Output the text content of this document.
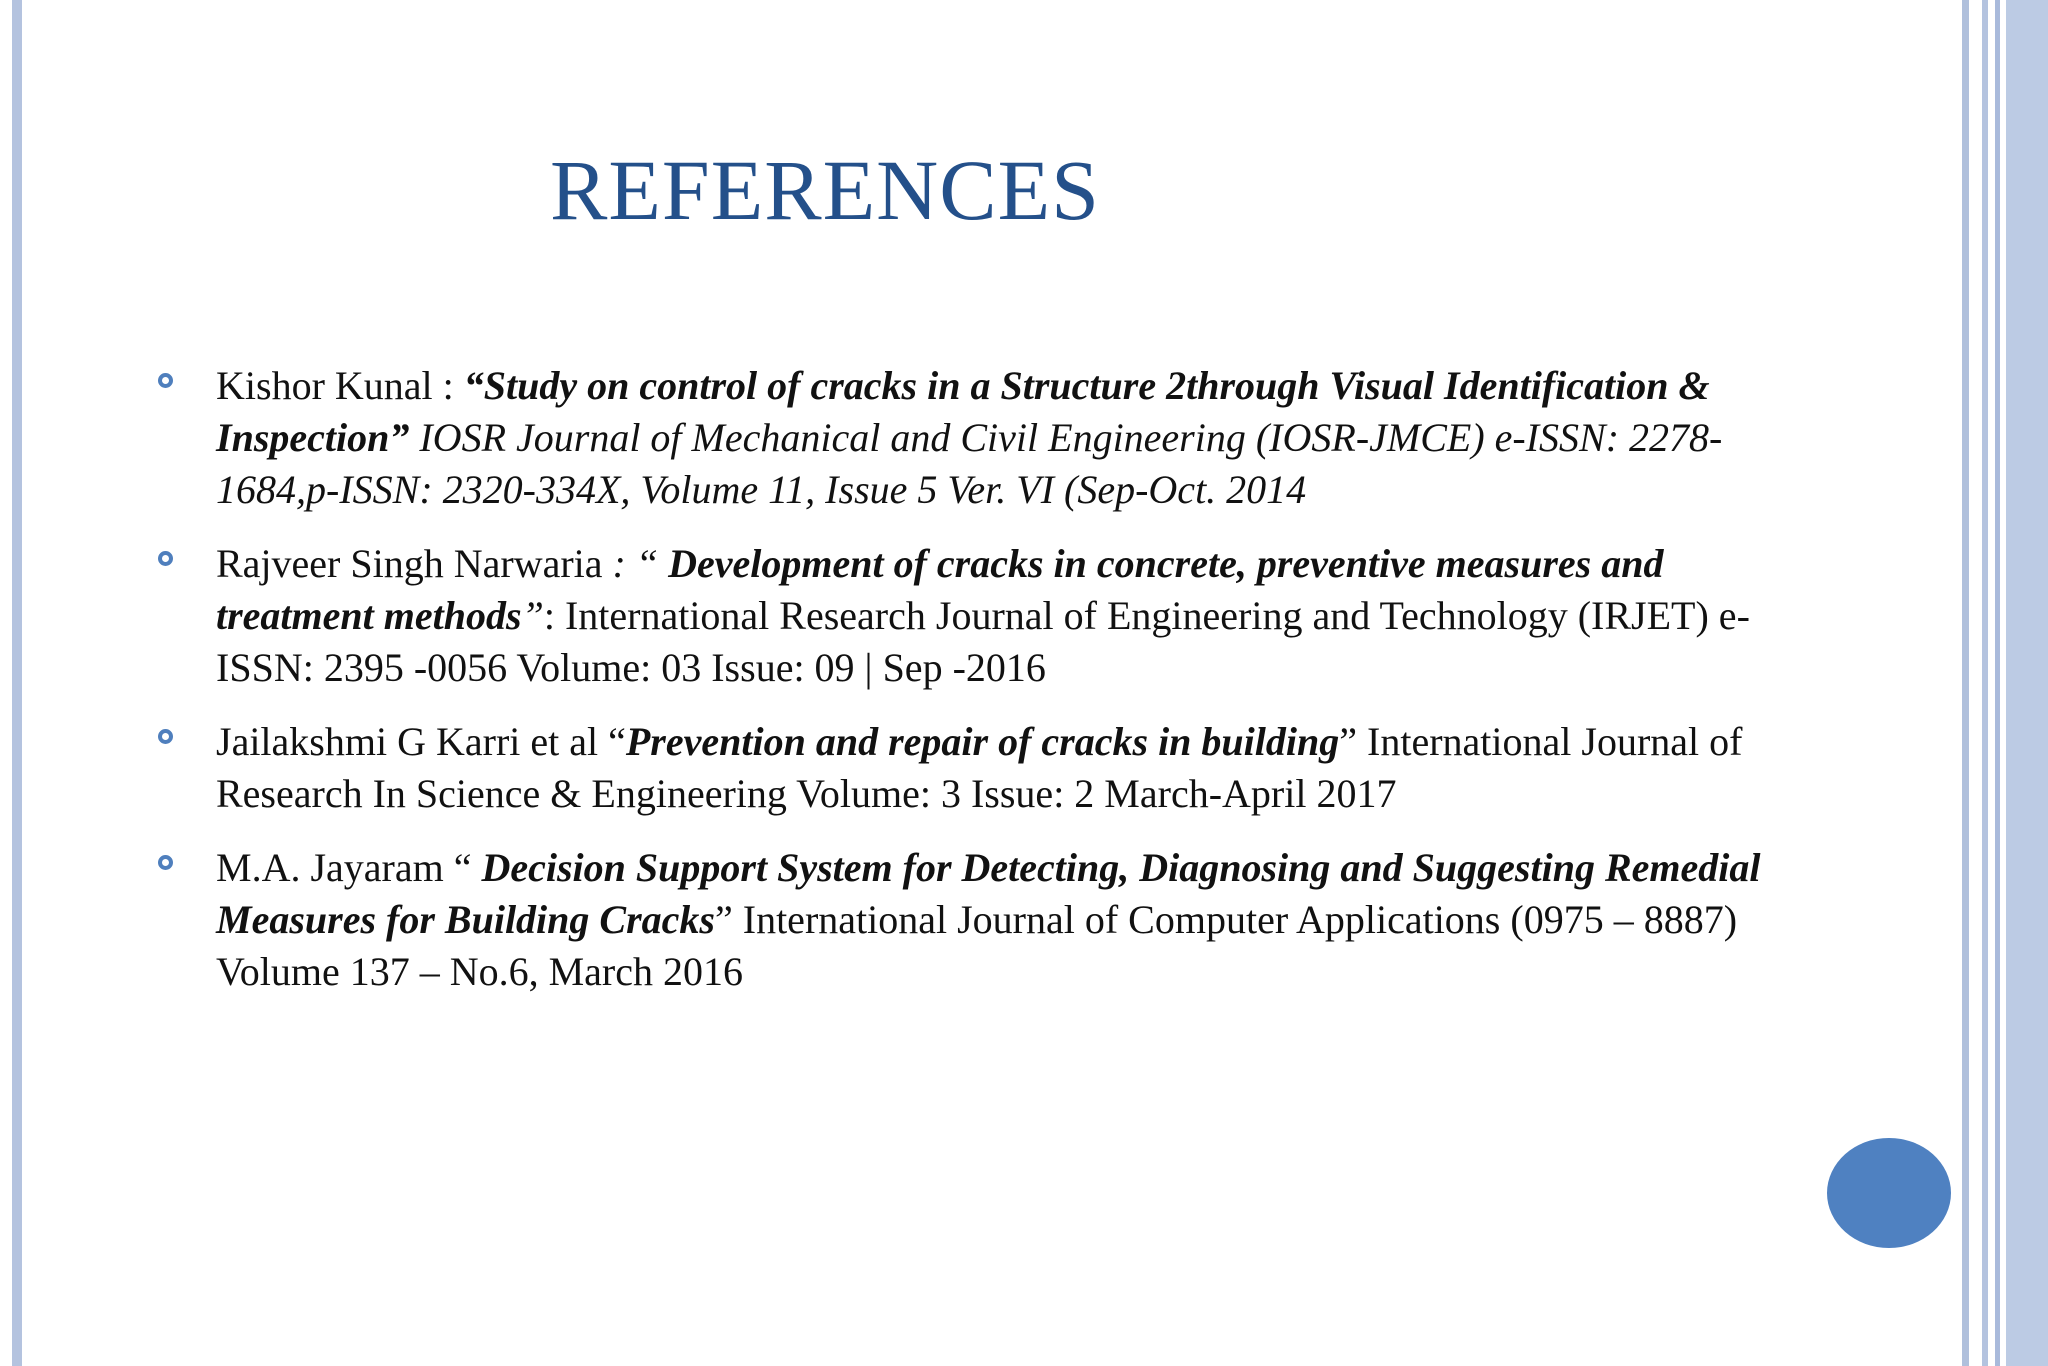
REFERENCES
Kishor Kunal : “Study on control of cracks in a Structure 2through Visual Identification & Inspection” IOSR Journal of Mechanical and Civil Engineering (IOSR-JMCE) e-ISSN: 2278-1684,p-ISSN: 2320-334X, Volume 11, Issue 5 Ver. VI (Sep-Oct. 2014
Rajveer Singh Narwaria : “ Development of cracks in concrete, preventive measures and treatment methods”: International Research Journal of Engineering and Technology (IRJET) e-ISSN: 2395 -0056 Volume: 03 Issue: 09 | Sep -2016
Jailakshmi G Karri et al “Prevention and repair of cracks in building” International Journal of Research In Science & Engineering Volume: 3 Issue: 2 March-April 2017
M.A. Jayaram “ Decision Support System for Detecting, Diagnosing and Suggesting Remedial Measures for Building Cracks” International Journal of Computer Applications (0975 – 8887) Volume 137 – No.6, March 2016
